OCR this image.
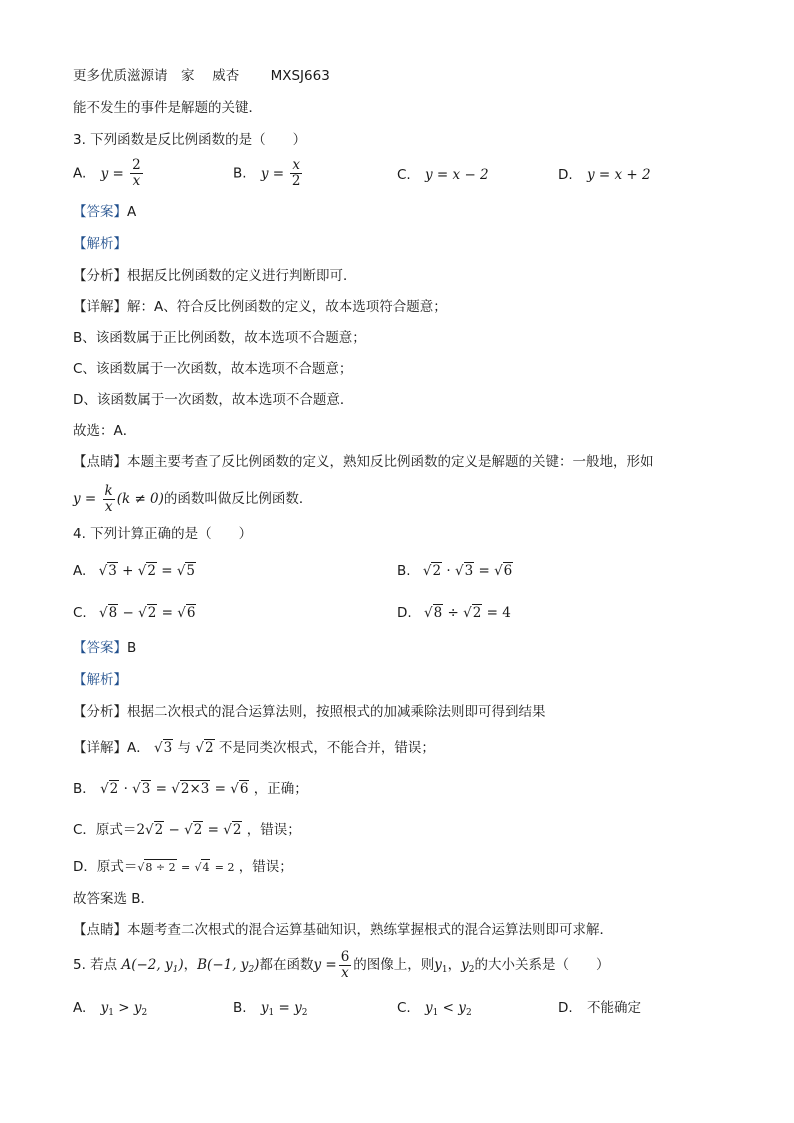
更多优质滋源请　家　 威杏 　　MXSJ663
能不发生的事件是解题的关键．
3. 下列函数是反比例函数的是（　　）
A. $y = \frac{2}{x}$	B. $y = \frac{x}{2}$	C. y = x − 2	D. y = x + 2
【答案】A
【解析】
【分析】根据反比例函数的定义进行判断即可．
【详解】解：A、符合反比例函数的定义，故本选项符合题意；
B、该函数属于正比例函数，故本选项不合题意；
C、该函数属于一次函数，故本选项不合题意；
D、该函数属于一次函数，故本选项不合题意．
故选：A．
【点睛】本题主要考查了反比例函数的定义，熟知反比例函数的定义是解题的关键：一般地，形如
$y = \frac{k}{x} (k \ne 0)$的函数叫做反比例函数．
4. 下列计算正确的是（　　）
A. √3 + √2 = √5	B. √2 · √3 = √6
C. √8 − √2 = √6	D. √8 ÷ √2 = 4
【答案】B
【解析】
【分析】根据二次根式的混合运算法则，按照根式的加减乘除法则即可得到结果
【详解】A． √3 与 √2 不是同类次根式，不能合并，错误；
B． √2 · √3 = √2×3 = √6 ，正确；
C．原式＝2√2 − √2 = √2 ，错误；
D．原式＝√8 ÷ 2 = √4 = 2 ，错误；
故答案选 B．
【点睛】本题考查二次根式的混合运算基础知识，熟练掌握根式的混合运算法则即可求解．
5. 若点 A(−2, $y_1$)，B(−1, $y_2$)都在函数$y = \frac{6}{x}$ 的图像上，则$y_1$，$y_2$的大小关系是（　　）
A. $y_1 > y_2$	B. $y_1 = y_2$	C. $y_1 < y_2$	D. 不能确定
